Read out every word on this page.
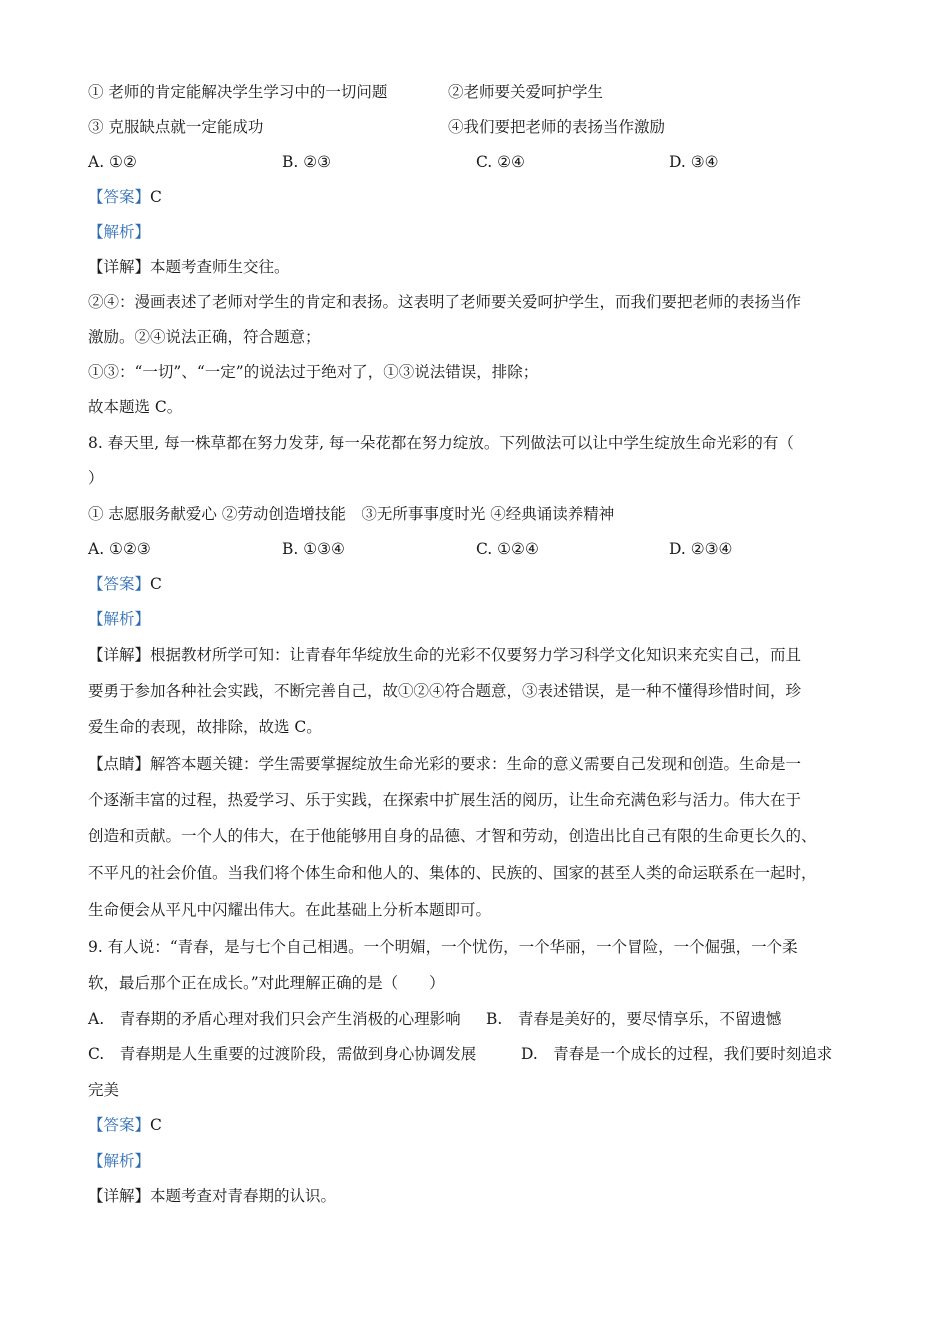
① 老师的肯定能解决学生学习中的一切问题	②老师要关爱呵护学生
③ 克服缺点就一定能成功	④我们要把老师的表扬当作激励
A. ①②	B. ②③	C. ②④	D. ③④
【答案】C
【解析】
【详解】本题考查师生交往。
②④：漫画表述了老师对学生的肯定和表扬。这表明了老师要关爱呵护学生，而我们要把老师的表扬当作
激励。②④说法正确，符合题意；
①③：“一切”、“一定”的说法过于绝对了，①③说法错误，排除；
故本题选 C。
8. 春天里, 每一株草都在努力发芽, 每一朵花都在努力绽放。下列做法可以让中学生绽放生命光彩的有（
）
① 志愿服务献爱心 ②劳动创造增技能　③无所事事度时光 ④经典诵读养精神
A. ①②③	B. ①③④	C. ①②④	D. ②③④
【答案】C
【解析】
【详解】根据教材所学可知：让青春年华绽放生命的光彩不仅要努力学习科学文化知识来充实自己，而且
要勇于参加各种社会实践，不断完善自己，故①②④符合题意，③表述错误，是一种不懂得珍惜时间，珍
爱生命的表现，故排除，故选 C。
【点睛】解答本题关键：学生需要掌握绽放生命光彩的要求：生命的意义需要自己发现和创造。生命是一
个逐渐丰富的过程，热爱学习、乐于实践，在探索中扩展生活的阅历，让生命充满色彩与活力。伟大在于
创造和贡献。一个人的伟大，在于他能够用自身的品德、才智和劳动，创造出比自己有限的生命更长久的、
不平凡的社会价值。当我们将个体生命和他人的、集体的、民族的、国家的甚至人类的命运联系在一起时，
生命便会从平凡中闪耀出伟大。在此基础上分析本题即可。
9. 有人说：“青春，是与七个自己相遇。一个明媚，一个忧伤，一个华丽，一个冒险，一个倔强，一个柔
软，最后那个正在成长。”对此理解正确的是（　　）
A.　青春期的矛盾心理对我们只会产生消极的心理影响 B.　青春是美好的，要尽情享乐，不留遗憾
C.　青春期是人生重要的过渡阶段，需做到身心协调发展	D.　青春是一个成长的过程，我们要时刻追求
完美
【答案】C
【解析】
【详解】本题考查对青春期的认识。
